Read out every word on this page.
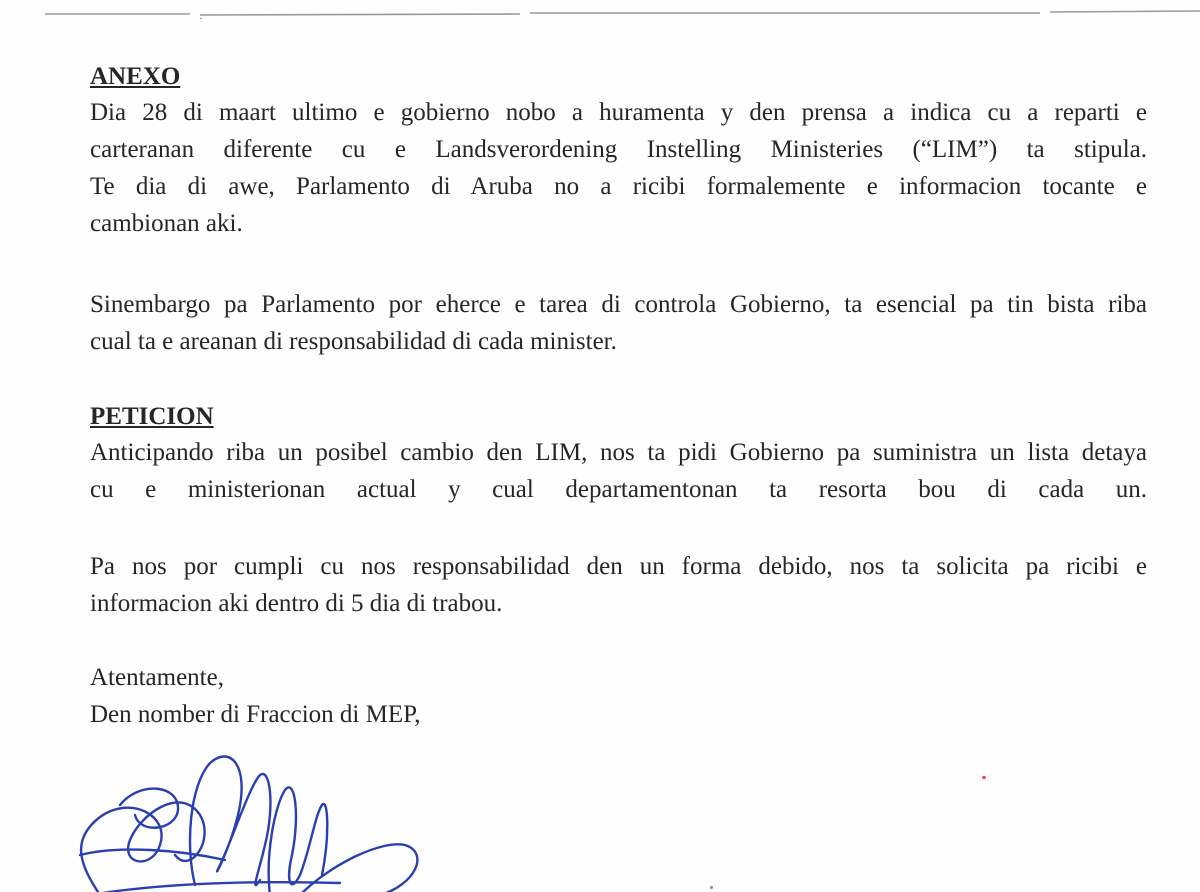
ANEXO
Dia 28 di maart ultimo e gobierno nobo a huramenta y den prensa a indica cu a reparti e
carteranan diferente cu e Landsverordening Instelling Ministeries (“LIM”) ta stipula.
Te dia di awe, Parlamento di Aruba no a ricibi formalemente e informacion tocante e
cambionan aki.
Sinembargo pa Parlamento por eherce e tarea di controla Gobierno, ta esencial pa tin bista riba
cual ta e areanan di responsabilidad di cada minister.
PETICION
Anticipando riba un posibel cambio den LIM, nos ta pidi Gobierno pa suministra un lista detaya
cu e ministerionan actual y cual departamentonan ta resorta bou di cada un.
Pa nos por cumpli cu nos responsabilidad den un forma debido, nos ta solicita pa ricibi e
informacion aki dentro di 5 dia di trabou.
Atentamente,
Den nomber di Fraccion di MEP,
